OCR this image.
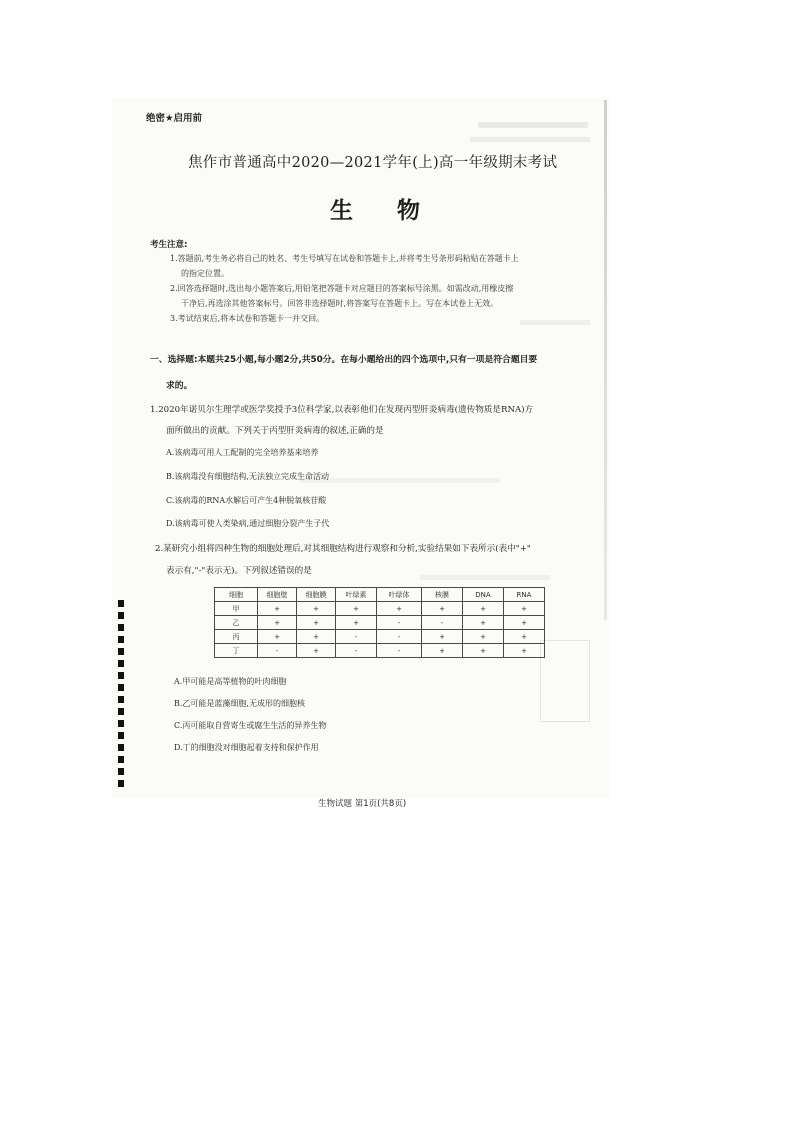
绝密★启用前
焦作市普通高中2020—2021学年(上)高一年级期末考试
生 物
考生注意:
1.答题前,考生务必将自己的姓名、考生号填写在试卷和答题卡上,并将考生号条形码粘贴在答题卡上
的指定位置。
2.回答选择题时,选出每小题答案后,用铅笔把答题卡对应题目的答案标号涂黑。如需改动,用橡皮擦
干净后,再选涂其他答案标号。回答非选择题时,将答案写在答题卡上。写在本试卷上无效。
3.考试结束后,将本试卷和答题卡一并交回。
一、选择题:本题共25小题,每小题2分,共50分。在每小题给出的四个选项中,只有一项是符合题目要
求的。
1.2020年诺贝尔生理学或医学奖授予3位科学家,以表彰他们在发现丙型肝炎病毒(遗传物质是RNA)方
面所做出的贡献。下列关于丙型肝炎病毒的叙述,正确的是
A.该病毒可用人工配制的完全培养基来培养
B.该病毒没有细胞结构,无法独立完成生命活动
C.该病毒的RNA水解后可产生4种脱氧核苷酸
D.该病毒可使人类染病,通过细胞分裂产生子代
2.某研究小组将四种生物的细胞处理后,对其细胞结构进行观察和分析,实验结果如下表所示(表中"+"
表示有,"-"表示无)。下列叙述错误的是
细胞	细胞壁	细胞膜	叶绿素	叶绿体	核膜	DNA	RNA
甲	+	+	+	+	+	+	+
乙	+	+	+	-	-	+	+
丙	+	+	-	-	+	+	+
丁	-	+	-	-	+	+	+
A.甲可能是高等植物的叶肉细胞
B.乙可能是蓝藻细胞,无成形的细胞核
C.丙可能取自营寄生或腐生生活的异养生物
D.丁的细胞没对细胞起着支持和保护作用
生物试题 第1页(共8页)
